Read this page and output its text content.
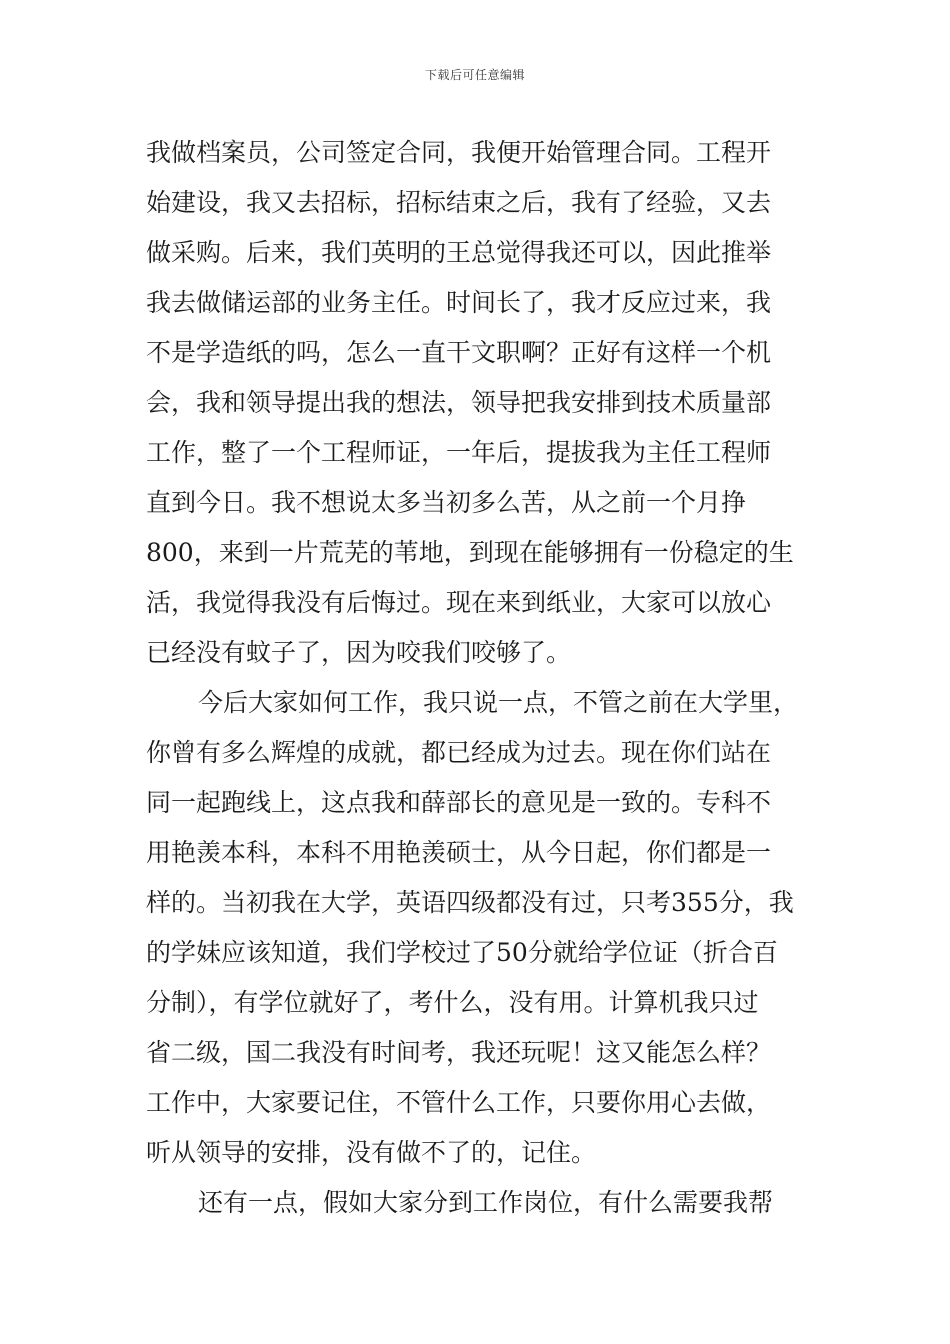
下载后可任意编辑
我做档案员，公司签定合同，我便开始管理合同。工程开
始建设，我又去招标，招标结束之后，我有了经验，又去
做采购。后来，我们英明的王总觉得我还可以，因此推举
我去做储运部的业务主任。时间长了，我才反应过来，我
不是学造纸的吗，怎么一直干文职啊？正好有这样一个机
会，我和领导提出我的想法，领导把我安排到技术质量部
工作，整了一个工程师证，一年后，提拔我为主任工程师
直到今日。我不想说太多当初多么苦，从之前一个月挣
800，来到一片荒芜的苇地，到现在能够拥有一份稳定的生
活，我觉得我没有后悔过。现在来到纸业，大家可以放心
已经没有蚊子了，因为咬我们咬够了。
今后大家如何工作，我只说一点，不管之前在大学里，
你曾有多么辉煌的成就，都已经成为过去。现在你们站在
同一起跑线上，这点我和薛部长的意见是一致的。专科不
用艳羡本科，本科不用艳羡硕士，从今日起，你们都是一
样的。当初我在大学，英语四级都没有过，只考355分，我
的学妹应该知道，我们学校过了50分就给学位证（折合百
分制），有学位就好了，考什么，没有用。计算机我只过
省二级，国二我没有时间考，我还玩呢！这又能怎么样？
工作中，大家要记住，不管什么工作，只要你用心去做，
听从领导的安排，没有做不了的，记住。
还有一点，假如大家分到工作岗位，有什么需要我帮
